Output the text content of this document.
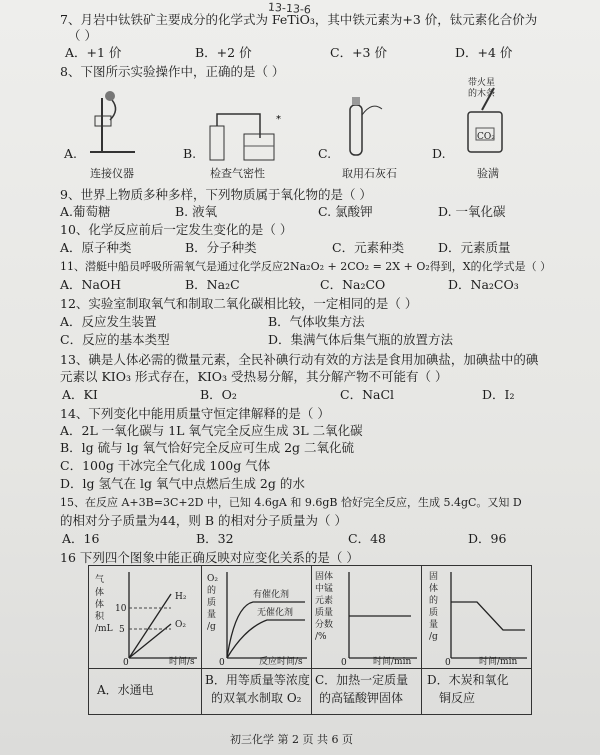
13-13-6
7、月岩中钛铁矿主要成分的化学式为 FeTiO₃，其中铁元素为+3 价，钛元素化合价为
（ ）
A．+1 价	B．+2 价	C．+3 价	D．+4 价
8、下图所示实验操作中，正确的是（ ）
A.	B.	C.	D.
连接仪器
*
检查气密性	取用石灰石
带火星
的木条
CO₂
验满
9、世界上物质多种多样，下列物质属于氧化物的是（ ）
A.葡萄糖	B. 液氧	C. 氯酸钾	D. 一氧化碳
10、化学反应前后一定发生变化的是（ ）
A．原子种类	B．分子种类	C．元素种类	D．元素质量
11、潜艇中船员呼吸所需氧气是通过化学反应2Na₂O₂ + 2CO₂ = 2X + O₂得到，X的化学式是（ ）
A．NaOH	B．Na₂C	C．Na₂CO	D．Na₂CO₃
12、实验室制取氧气和制取二氧化碳相比较，一定相同的是（ ）
A．反应发生装置	B．气体收集方法
C．反应的基本类型	D．集满气体后集气瓶的放置方法
13、碘是人体必需的微量元素，全民补碘行动有效的方法是食用加碘盐，加碘盐中的碘
元素以 KIO₃ 形式存在，KIO₃ 受热易分解，其分解产物不可能有（ ）
A．KI	B．O₂	C．NaCl	D．I₂
14、下列变化中能用质量守恒定律解释的是（ ）
A．2L 一氧化碳与 1L 氧气完全反应生成 3L 二氧化碳
B．lg 硫与 lg 氧气恰好完全反应可生成 2g 二氧化硫
C．100g 干冰完全气化成 100g 气体
D．lg 氢气在 lg 氧气中点燃后生成 2g 的水
15、在反应 A+3B=3C+2D 中，已知 4.6gA 和 9.6gB 恰好完全反应，生成 5.4gC。又知 D
的相对分子质量为44，则 B 的相对分子质量为（ ）
A．16	B．32	C．48	D．96
16 下列四个图象中能正确反映对应变化关系的是（ ）
气
体
体
积
/mL
10
5
H₂
O₂
0	时间/s
O₂
的
质
量
/g
有催化剂
无催化剂
0	反应时间/s
固体
中锰
元素
质量
分数
/%
0	时间/min
固
体
的
质
量
/g
0	时间/min
A．水通电
B．用等质量等浓度
的双氧水制取 O₂
C．加热一定质量
的高锰酸钾固体
D．木炭和氧化
铜反应
初三化学 第 2 页 共 6 页
